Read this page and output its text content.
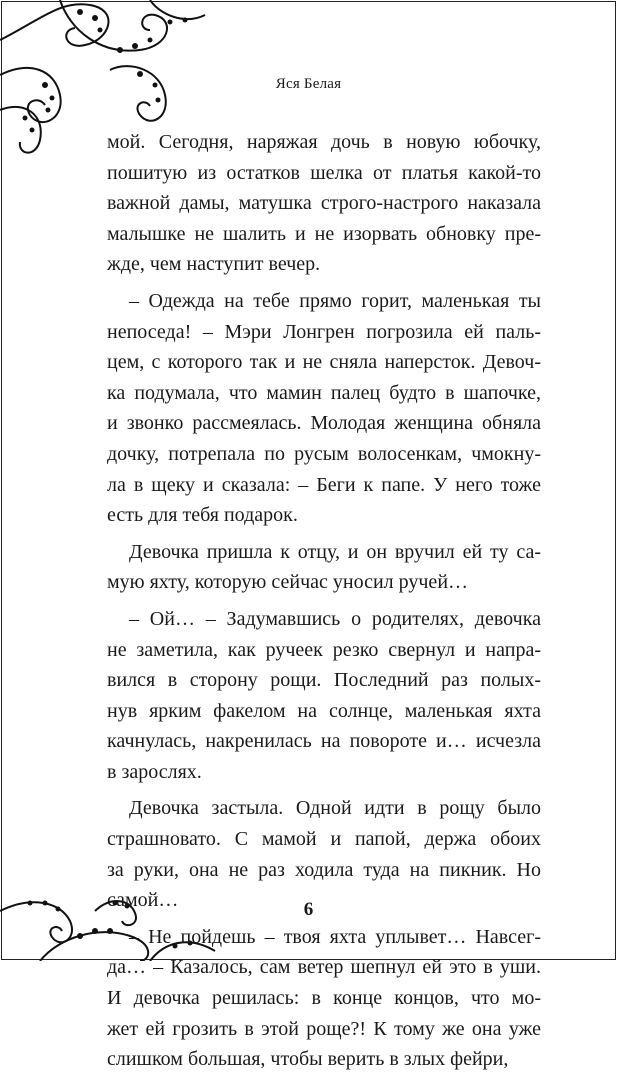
Яся Белая

мой. Сегодня, наряжая дочь в новую юбочку,
пошитую из остатков шелка от платья какой-то
важной дамы, матушка строго-настрого наказала
малышке не шалить и не изорвать обновку пре-
жде, чем наступит вечер.

– Одежда на тебе прямо горит, маленькая ты
непоседа! – Мэри Лонгрен погрозила ей паль-
цем, с которого так и не сняла наперсток. Девоч-
ка подумала, что мамин палец будто в шапочке,
и звонко рассмеялась. Молодая женщина обняла
дочку, потрепала по русым волосенкам, чмокну-
ла в щеку и сказала: – Беги к папе. У него тоже
есть для тебя подарок.

Девочка пришла к отцу, и он вручил ей ту са-
мую яхту, которую сейчас уносил ручей…

– Ой… – Задумавшись о родителях, девочка
не заметила, как ручеек резко свернул и напра-
вился в сторону рощи. Последний раз полых-
нув ярким факелом на солнце, маленькая яхта
качнулась, накренилась на повороте и… исчезла
в зарослях.

Девочка застыла. Одной идти в рощу было
страшновато. С мамой и папой, держа обоих
за руки, она не раз ходила туда на пикник. Но
самой…

– Не пойдешь – твоя яхта уплывет… Навсег-
да… – Казалось, сам ветер шепнул ей это в уши.
И девочка решилась: в конце концов, что мо-
жет ей грозить в этой роще?! К тому же она уже
слишком большая, чтобы верить в злых фейри,

6
